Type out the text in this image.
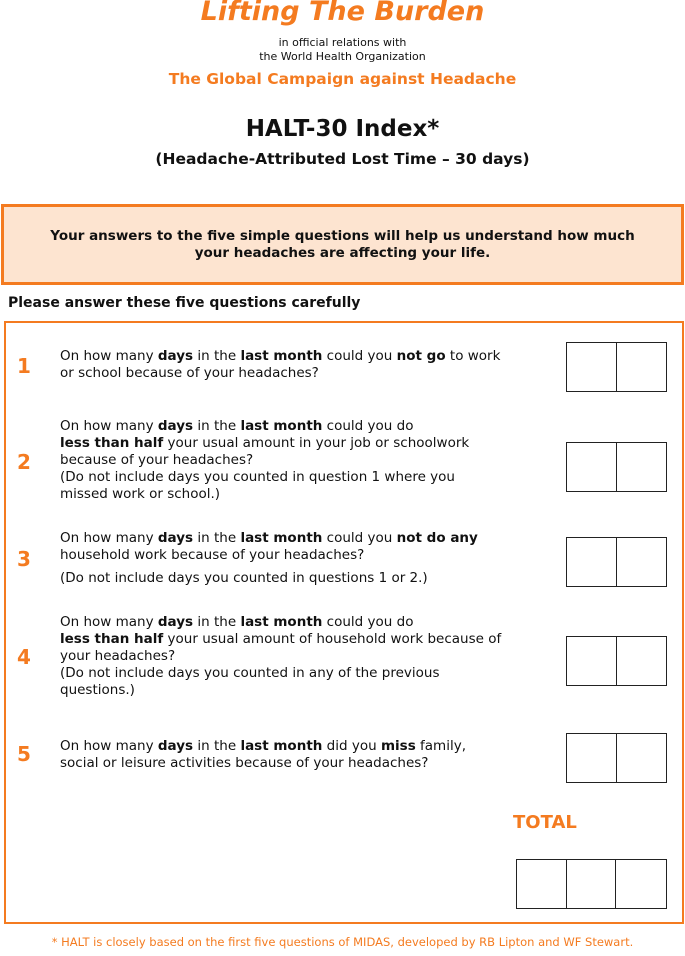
Lifting The Burden
in official relations with
the World Health Organization
The Global Campaign against Headache
HALT-30 Index*
(Headache-Attributed Lost Time – 30 days)
Your answers to the five simple questions will help us understand how much
your headaches are affecting your life.
Please answer these five questions carefully
1 On how many days in the last month could you not go to work
or school because of your headaches?
2
On how many days in the last month could you do
less than half your usual amount in your job or schoolwork
because of your headaches?
(Do not include days you counted in question 1 where you
missed work or school.)
3
On how many days in the last month could you not do any
household work because of your headaches?
(Do not include days you counted in questions 1 or 2.)
4
On how many days in the last month could you do
less than half your usual amount of household work because of
your headaches?
(Do not include days you counted in any of the previous
questions.)
5 On how many days in the last month did you miss family,
social or leisure activities because of your headaches?
TOTAL
* HALT is closely based on the first five questions of MIDAS, developed by RB Lipton and WF Stewart.
